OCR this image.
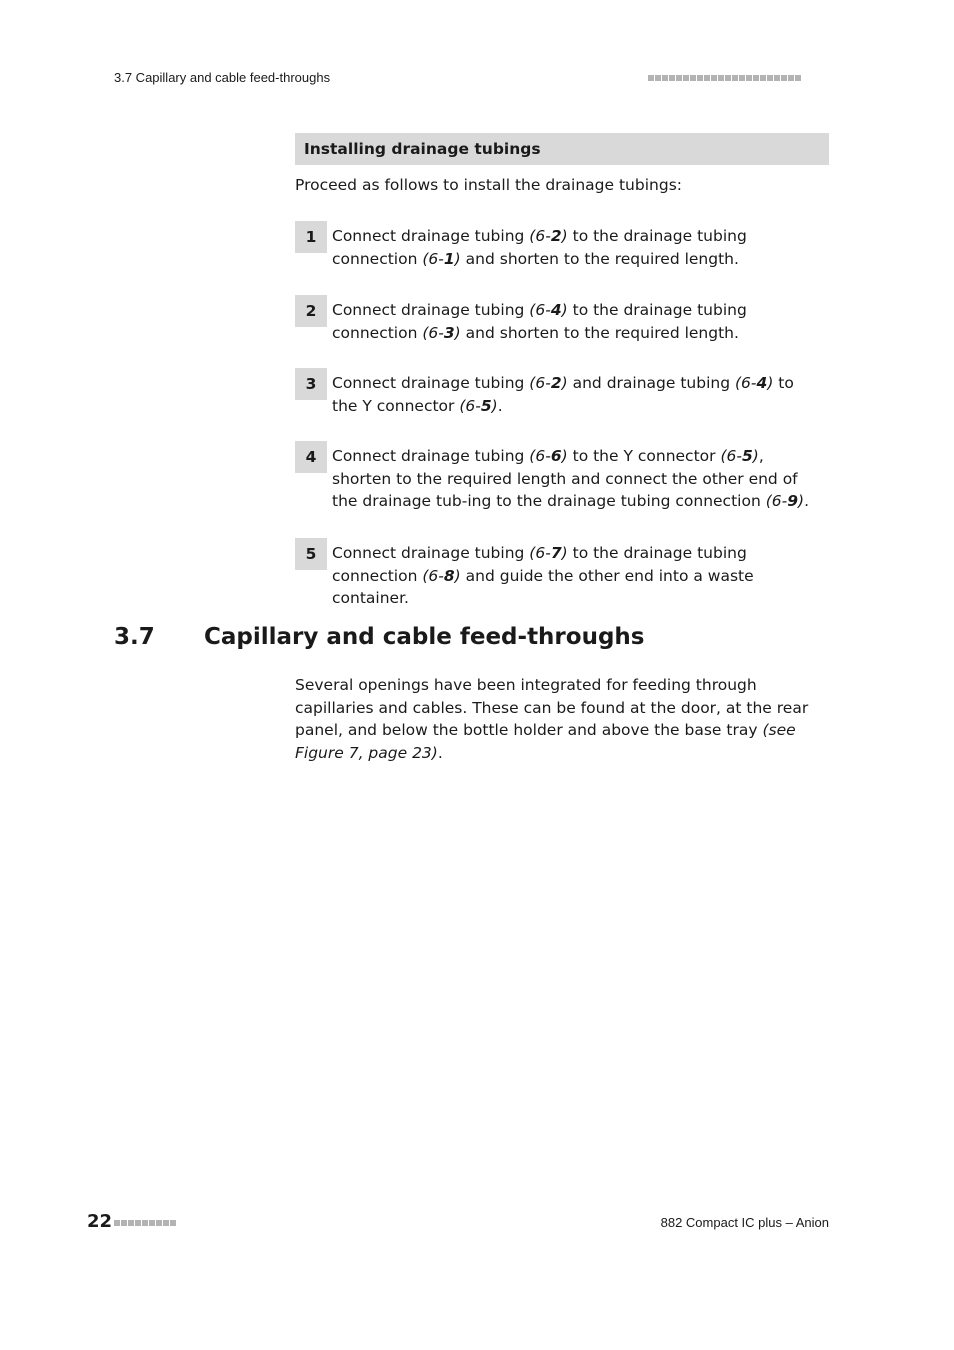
3.7 Capillary and cable feed-throughs
Installing drainage tubings
Proceed as follows to install the drainage tubings:
1	Connect drainage tubing (6-2) to the drainage tubing connection (6-1) and shorten to the required length.
2	Connect drainage tubing (6-4) to the drainage tubing connection (6-3) and shorten to the required length.
3	Connect drainage tubing (6-2) and drainage tubing (6-4) to the Y connector (6-5).
4	Connect drainage tubing (6-6) to the Y connector (6-5), shorten to the required length and connect the other end of the drainage tub-ing to the drainage tubing connection (6-9).
5	Connect drainage tubing (6-7) to the drainage tubing connection (6-8) and guide the other end into a waste container.
3.7 Capillary and cable feed-throughs
Several openings have been integrated for feeding through capillaries and cables. These can be found at the door, at the rear panel, and below the bottle holder and above the base tray (see Figure 7, page 23).
22	882 Compact IC plus – Anion
